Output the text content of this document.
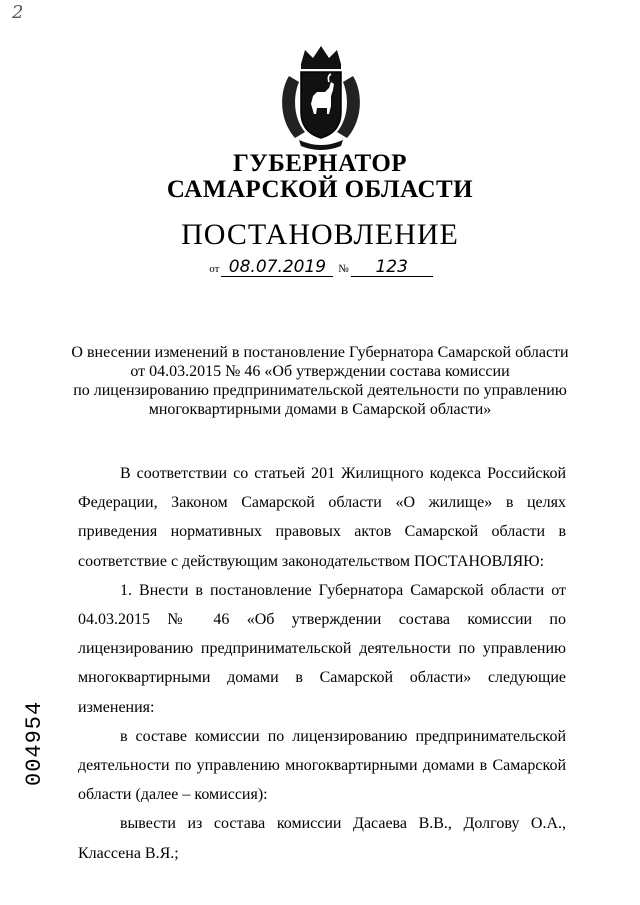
2
ГУБЕРНАТОР
САМАРСКОЙ ОБЛАСТИ
ПОСТАНОВЛЕНИЕ
от 08.07.2019 № 123
О внесении изменений в постановление Губернатора Самарской области
от 04.03.2015 № 46 «Об утверждении состава комиссии
по лицензированию предпринимательской деятельности по управлению
многоквартирными домами в Самарской области»

В соответствии со статьей 201 Жилищного кодекса Российской Федерации, Законом Самарской области «О жилище» в целях приведения нормативных правовых актов Самарской области в соответствие с действующим законодательством ПОСТАНОВЛЯЮ:

1. Внести в постановление Губернатора Самарской области от 04.03.2015 № 46 «Об утверждении состава комиссии по лицензированию предпринимательской деятельности по управлению многоквартирными домами в Самарской области» следующие изменения:

в составе комиссии по лицензированию предпринимательской деятельности по управлению многоквартирными домами в Самарской области (далее – комиссия):

вывести из состава комиссии Дасаева В.В., Долгову О.А., Классена В.Я.;

004954
